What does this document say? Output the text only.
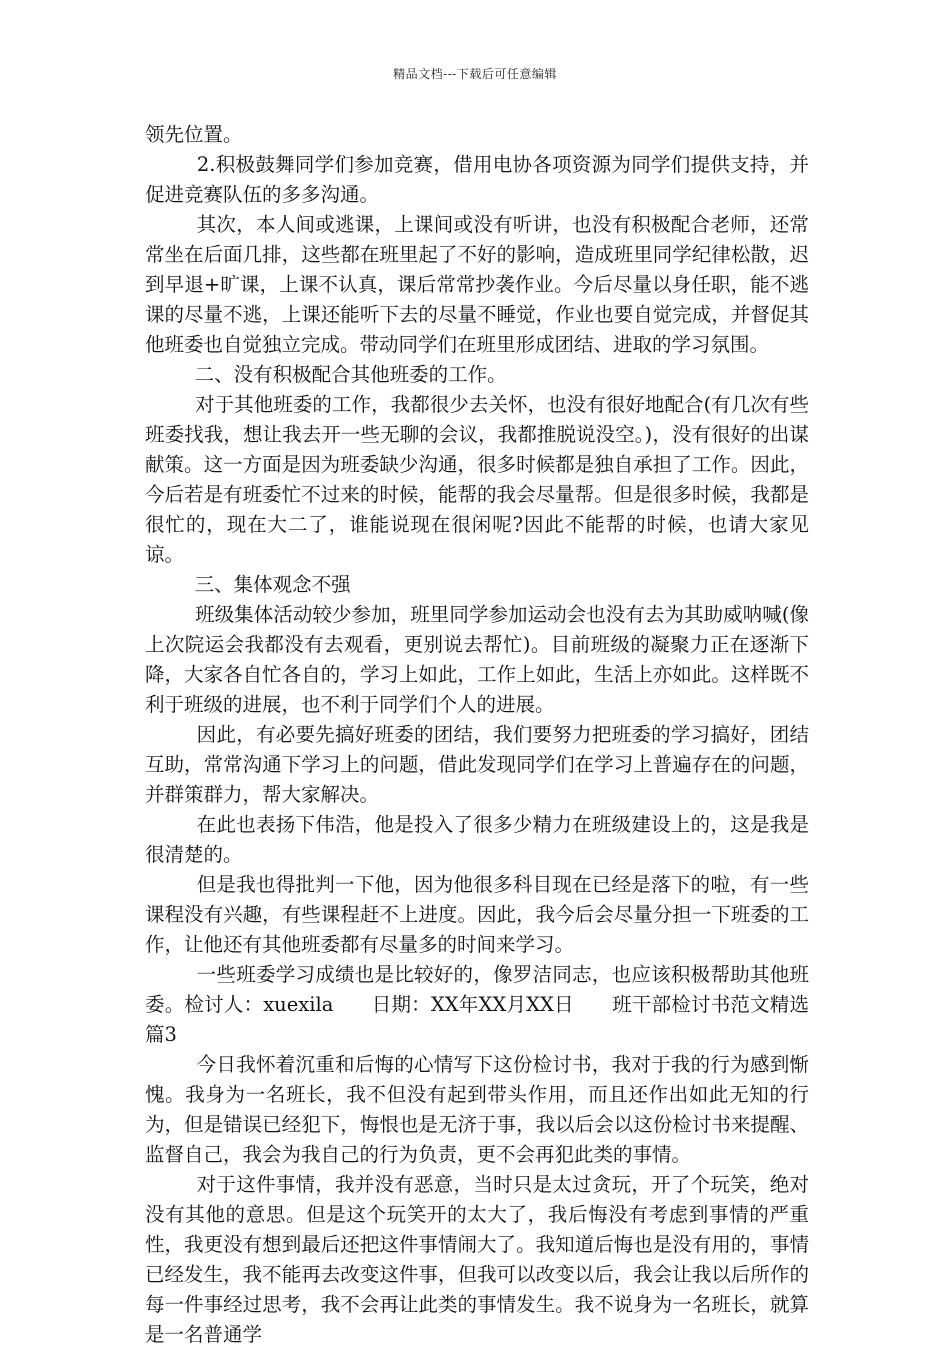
精品文档---下载后可任意编辑

领先位置。

2.积极鼓舞同学们参加竞赛，借用电协各项资源为同学们提供支持，并促进竞赛队伍的多多沟通。

其次，本人间或逃课，上课间或没有听讲，也没有积极配合老师，还常常坐在后面几排，这些都在班里起了不好的影响，造成班里同学纪律松散，迟到早退+旷课，上课不认真，课后常常抄袭作业。今后尽量以身任职，能不逃课的尽量不逃，上课还能听下去的尽量不睡觉，作业也要自觉完成，并督促其他班委也自觉独立完成。带动同学们在班里形成团结、进取的学习氛围。

二、没有积极配合其他班委的工作。

对于其他班委的工作，我都很少去关怀，也没有很好地配合(有几次有些班委找我，想让我去开一些无聊的会议，我都推脱说没空。)，没有很好的出谋献策。这一方面是因为班委缺少沟通，很多时候都是独自承担了工作。因此，今后若是有班委忙不过来的时候，能帮的我会尽量帮。但是很多时候，我都是很忙的，现在大二了，谁能说现在很闲呢?因此不能帮的时候，也请大家见谅。

三、集体观念不强

班级集体活动较少参加，班里同学参加运动会也没有去为其助威呐喊(像上次院运会我都没有去观看，更别说去帮忙)。目前班级的凝聚力正在逐渐下降，大家各自忙各自的，学习上如此，工作上如此，生活上亦如此。这样既不利于班级的进展，也不利于同学们个人的进展。

因此，有必要先搞好班委的团结，我们要努力把班委的学习搞好，团结互助，常常沟通下学习上的问题，借此发现同学们在学习上普遍存在的问题，并群策群力，帮大家解决。

在此也表扬下伟浩，他是投入了很多少精力在班级建设上的，这是我是很清楚的。

但是我也得批判一下他，因为他很多科目现在已经是落下的啦，有一些课程没有兴趣，有些课程赶不上进度。因此，我今后会尽量分担一下班委的工作，让他还有其他班委都有尽量多的时间来学习。

一些班委学习成绩也是比较好的，像罗洁同志，也应该积极帮助其他班委。检讨人：xuexila      日期：XX年XX月XX日      班干部检讨书范文精选篇3

今日我怀着沉重和后悔的心情写下这份检讨书，我对于我的行为感到惭愧。我身为一名班长，我不但没有起到带头作用，而且还作出如此无知的行为，但是错误已经犯下，悔恨也是无济于事，我以后会以这份检讨书来提醒、监督自己，我会为我自己的行为负责，更不会再犯此类的事情。

对于这件事情，我并没有恶意，当时只是太过贪玩，开了个玩笑，绝对没有其他的意思。但是这个玩笑开的太大了，我后悔没有考虑到事情的严重性，我更没有想到最后还把这件事情闹大了。我知道后悔也是没有用的，事情已经发生，我不能再去改变这件事，但我可以改变以后，我会让我以后所作的每一件事经过思考，我不会再让此类的事情发生。我不说身为一名班长，就算是一名普通学
